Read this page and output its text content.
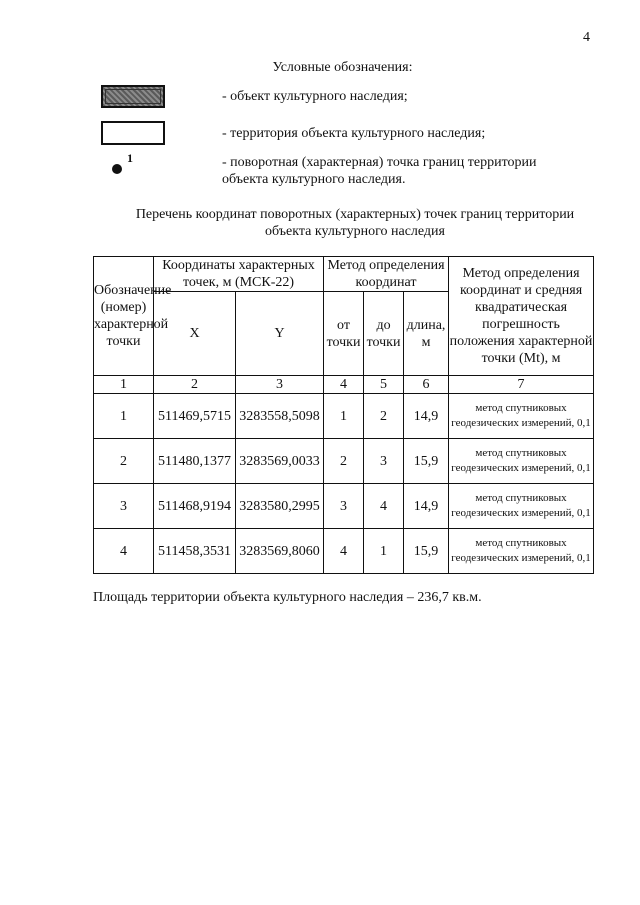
4
Условные обозначения:
- объект культурного наследия;
- территория объекта культурного наследия;
1	- поворотная (характерная) точка границ территории объекта культурного наследия.
Перечень координат поворотных (характерных) точек границ территории объекта культурного наследия
Обозначение (номер) характерной точки	Координаты характерных точек, м (МСК-22)		Метод определения координат			Метод определения координат и средняя квадратическая погрешность положения характерной точки (Mt), м
	X	Y	от точки	до точки	длина, м	
1	2	3	4	5	6	7
1	511469,5715	3283558,5098	1	2	14,9	метод спутниковых геодезических измерений, 0,1
2	511480,1377	3283569,0033	2	3	15,9	метод спутниковых геодезических измерений, 0,1
3	511468,9194	3283580,2995	3	4	14,9	метод спутниковых геодезических измерений, 0,1
4	511458,3531	3283569,8060	4	1	15,9	метод спутниковых геодезических измерений, 0,1
Площадь территории объекта культурного наследия – 236,7 кв.м.
